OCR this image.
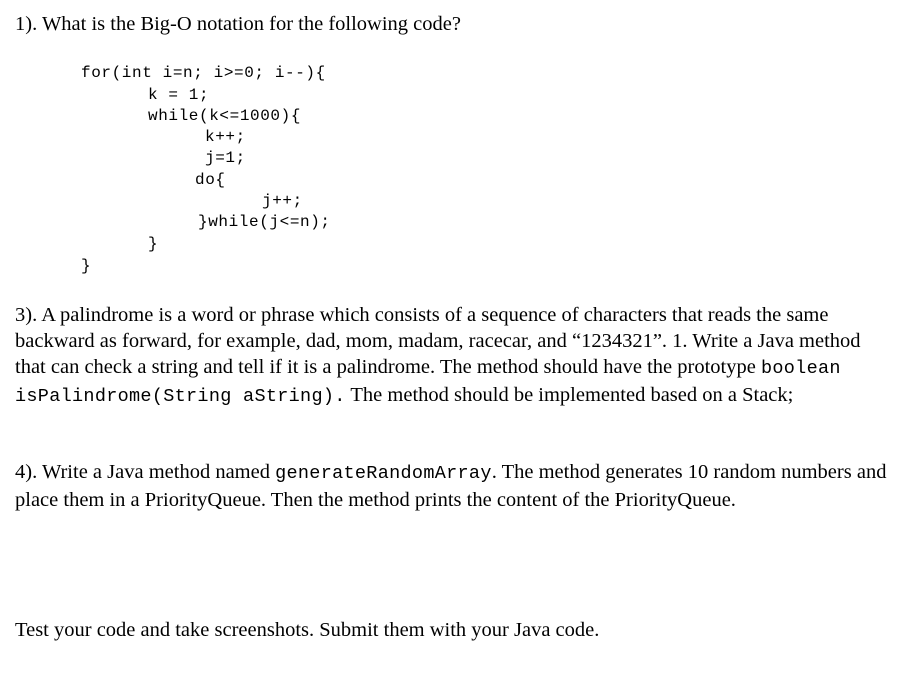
1). What is the Big-O notation for the following code?

for(int i=n; i>=0; i--){
k = 1;
while(k<=1000){
k++;
j=1;
do{
j++;
}while(j<=n);
}
}

3). A palindrome is a word or phrase which consists of a sequence of characters that reads the same backward as forward, for example, dad, mom, madam, racecar, and “1234321”. 1. Write a Java method that can check a string and tell if it is a palindrome. The method should have the prototype boolean isPalindrome(String aString). The method should be implemented based on a Stack;

4). Write a Java method named generateRandomArray. The method generates 10 random numbers and place them in a PriorityQueue. Then the method prints the content of the PriorityQueue.

Test your code and take screenshots. Submit them with your Java code.
